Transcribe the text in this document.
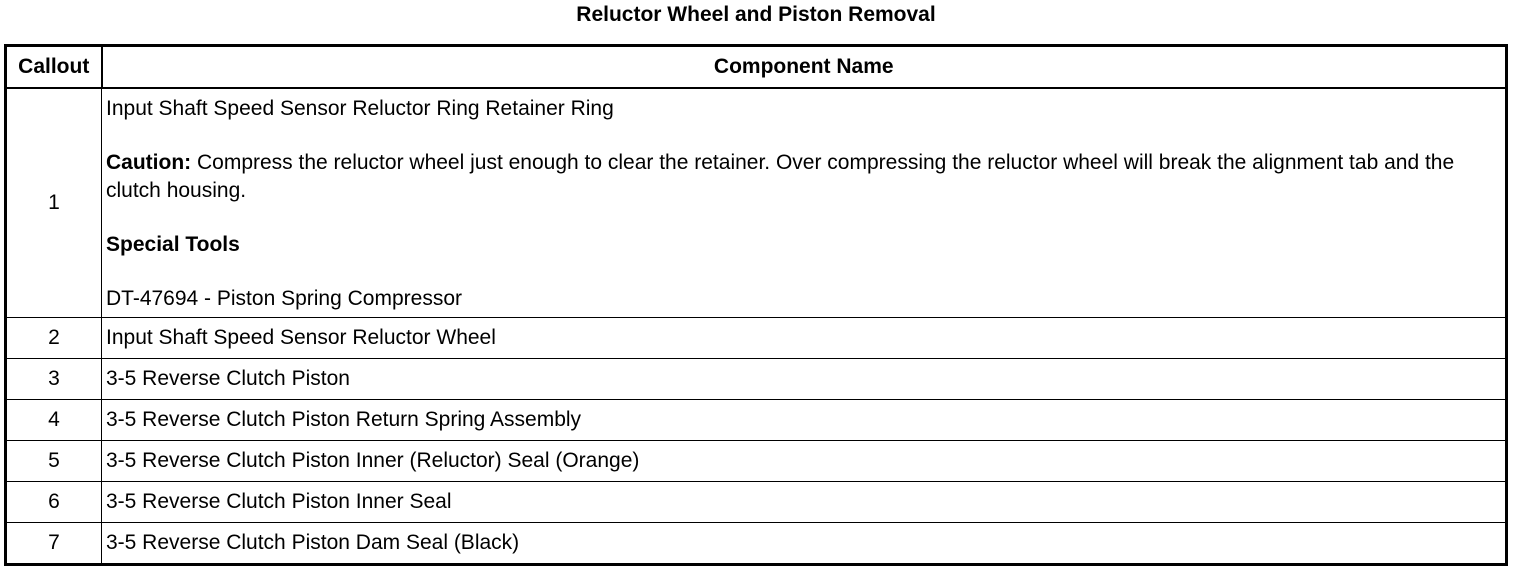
Reluctor Wheel and Piston Removal
Callout	Component Name
1	Input Shaft Speed Sensor Reluctor Ring Retainer Ring

Caution: Compress the reluctor wheel just enough to clear the retainer. Over compressing the reluctor wheel will break the alignment tab and the clutch housing.

Special Tools

DT-47694 - Piston Spring Compressor

2	Input Shaft Speed Sensor Reluctor Wheel
3	3-5 Reverse Clutch Piston
4	3-5 Reverse Clutch Piston Return Spring Assembly
5	3-5 Reverse Clutch Piston Inner (Reluctor) Seal (Orange)
6	3-5 Reverse Clutch Piston Inner Seal
7	3-5 Reverse Clutch Piston Dam Seal (Black)
